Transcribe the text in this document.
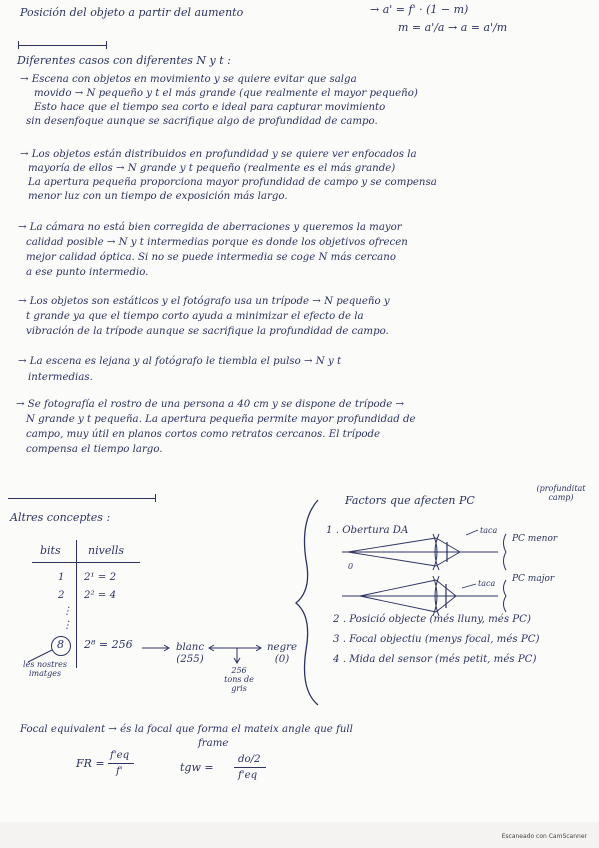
Posición del objeto a partir del aumento	→ a' = f' · (1 − m)
m = a'/a → a = a'/m
Diferentes casos con diferentes N y t :
→ Escena con objetos en movimiento y se quiere evitar que salga
movido → N pequeño y t el más grande (que realmente el mayor pequeño)
Esto hace que el tiempo sea corto e ideal para capturar movimiento
sin desenfoque aunque se sacrifique algo de profundidad de campo.
→ Los objetos están distribuidos en profundidad y se quiere ver enfocados la
mayoría de ellos → N grande y t pequeño (realmente es el más grande)
La apertura pequeña proporciona mayor profundidad de campo y se compensa
menor luz con un tiempo de exposición más largo.
→ La cámara no está bien corregida de aberraciones y queremos la mayor
calidad posible → N y t intermedias porque es donde los objetivos ofrecen
mejor calidad óptica. Si no se puede intermedia se coge N más cercano
a ese punto intermedio.
→ Los objetos son estáticos y el fotógrafo usa un trípode → N pequeño y
t grande ya que el tiempo corto ayuda a minimizar el efecto de la
vibración de la trípode aunque se sacrifique la profundidad de campo.
→ La escena es lejana y al fotógrafo le tiembla el pulso → N y t
intermedias.
→ Se fotografía el rostro de una persona a 40 cm y se dispone de trípode →
N grande y t pequeña. La apertura pequeña permite mayor profundidad de
campo, muy útil en planos cortos como retratos cercanos. El trípode
compensa el tiempo largo.
Altres conceptes :
bits nivells
1 2¹ = 2
2 2² = 4
⋮
⋮
8 2⁸ = 256
les nostres imatges
blanc (255)
negre (0)
256 tons de gris
Factors que afecten PC
(profunditat camp)
1 . Obertura DA	taca
taca
PC menor
PC major
0
2 . Posició objecte (més lluny, més PC)
3 . Focal objectiu (menys focal, més PC)
4 . Mida del sensor (més petit, més PC)
Focal equivalent → és la focal que forma el mateix angle que full
frame
FR =
f'eq
f'	tgw =
do/2
f'eq
Escaneado con CamScanner
